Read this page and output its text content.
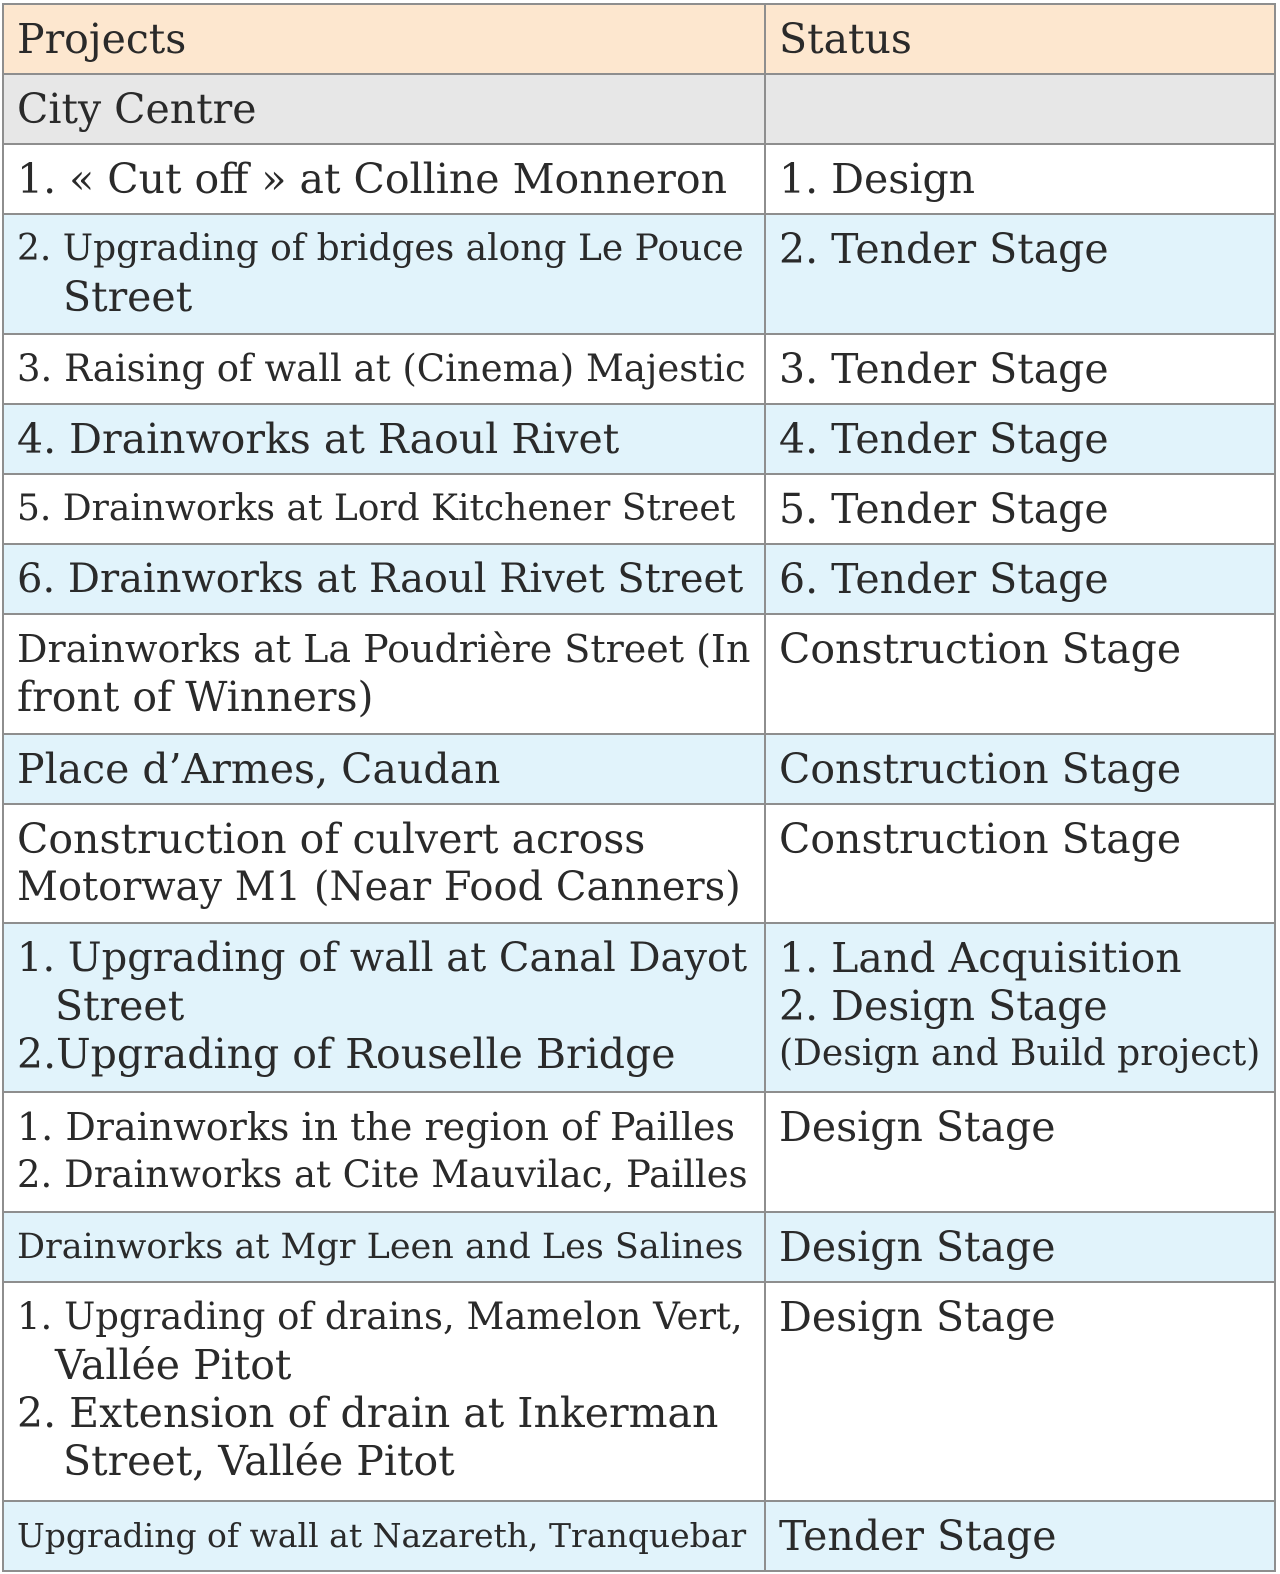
Projects	Status
City Centre	

1. « Cut off » at Colline Monneron	1. Design

2. Upgrading of bridges along Le Pouce
Street	2. Tender Stage

3. Raising of wall at (Cinema) Majestic	3. Tender Stage

4. Drainworks at Raoul Rivet	4. Tender Stage

5. Drainworks at Lord Kitchener Street	5. Tender Stage

6. Drainworks at Raoul Rivet Street	6. Tender Stage

Drainworks at La Poudrière Street (In
front of Winners)	Construction Stage

Place d’Armes, Caudan	Construction Stage

Construction of culvert across
Motorway M1 (Near Food Canners)	Construction Stage

1. Upgrading of wall at Canal Dayot
Street
2.Upgrading of Rouselle Bridge	1. Land Acquisition
2. Design Stage
(Design and Build project)

1. Drainworks in the region of Pailles
2. Drainworks at Cite Mauvilac, Pailles	Design Stage

Drainworks at Mgr Leen and Les Salines	Design Stage

1. Upgrading of drains, Mamelon Vert,
Vallée Pitot
2. Extension of drain at Inkerman
Street, Vallée Pitot	Design Stage

Upgrading of wall at Nazareth, Tranquebar	Tender Stage
